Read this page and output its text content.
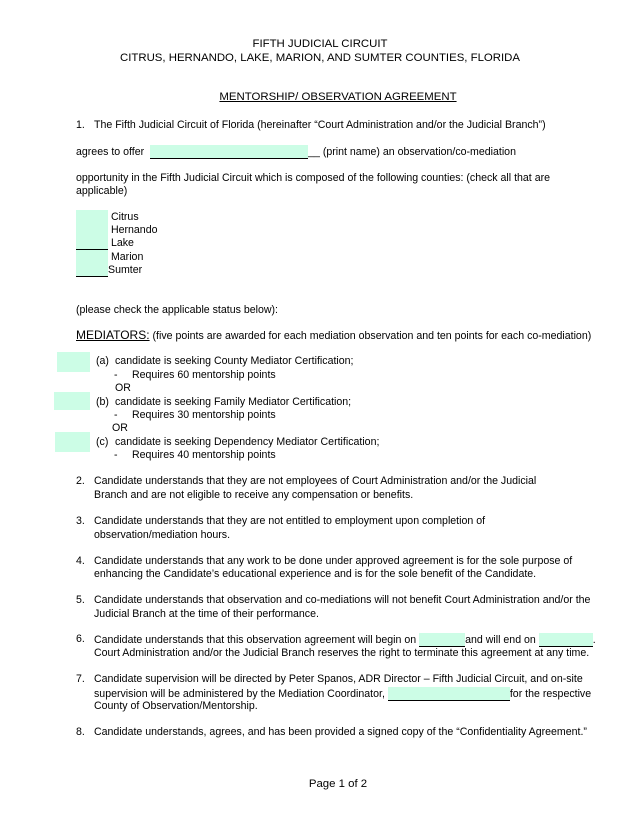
FIFTH JUDICIAL CIRCUIT
CITRUS, HERNANDO, LAKE, MARION, AND SUMTER COUNTIES, FLORIDA
MENTORSHIP/ OBSERVATION AGREEMENT
1. The Fifth Judicial Circuit of Florida (hereinafter “Court Administration and/or the Judicial Branch”)
agrees to offer	__ (print name) an observation/co-mediation
opportunity in the Fifth Judicial Circuit which is composed of the following counties: (check all that are
applicable)
Citrus
Hernando
Lake
Marion
Sumter
(please check the applicable status below):
MEDIATORS: (five points are awarded for each mediation observation and ten points for each co-mediation)
(a) candidate is seeking County Mediator Certification;
- Requires 60 mentorship points
OR
(b) candidate is seeking Family Mediator Certification;
- Requires 30 mentorship points
OR
(c) candidate is seeking Dependency Mediator Certification;
- Requires 40 mentorship points
2. Candidate understands that they are not employees of Court Administration and/or the Judicial
Branch and are not eligible to receive any compensation or benefits.
3. Candidate understands that they are not entitled to employment upon completion of
observation/mediation hours.
4. Candidate understands that any work to be done under approved agreement is for the sole purpose of
enhancing the Candidate’s educational experience and is for the sole benefit of the Candidate.
5. Candidate understands that observation and co-mediations will not benefit Court Administration and/or the
Judicial Branch at the time of their performance.
6. Candidate understands that this observation agreement will begin on	and will end on	.
Court Administration and/or the Judicial Branch reserves the right to terminate this agreement at any time.
7. Candidate supervision will be directed by Peter Spanos, ADR Director – Fifth Judicial Circuit, and on-site
supervision will be administered by the Mediation Coordinator,	for the respective
County of Observation/Mentorship.
8. Candidate understands, agrees, and has been provided a signed copy of the “Confidentiality Agreement.”
Page 1 of 2
